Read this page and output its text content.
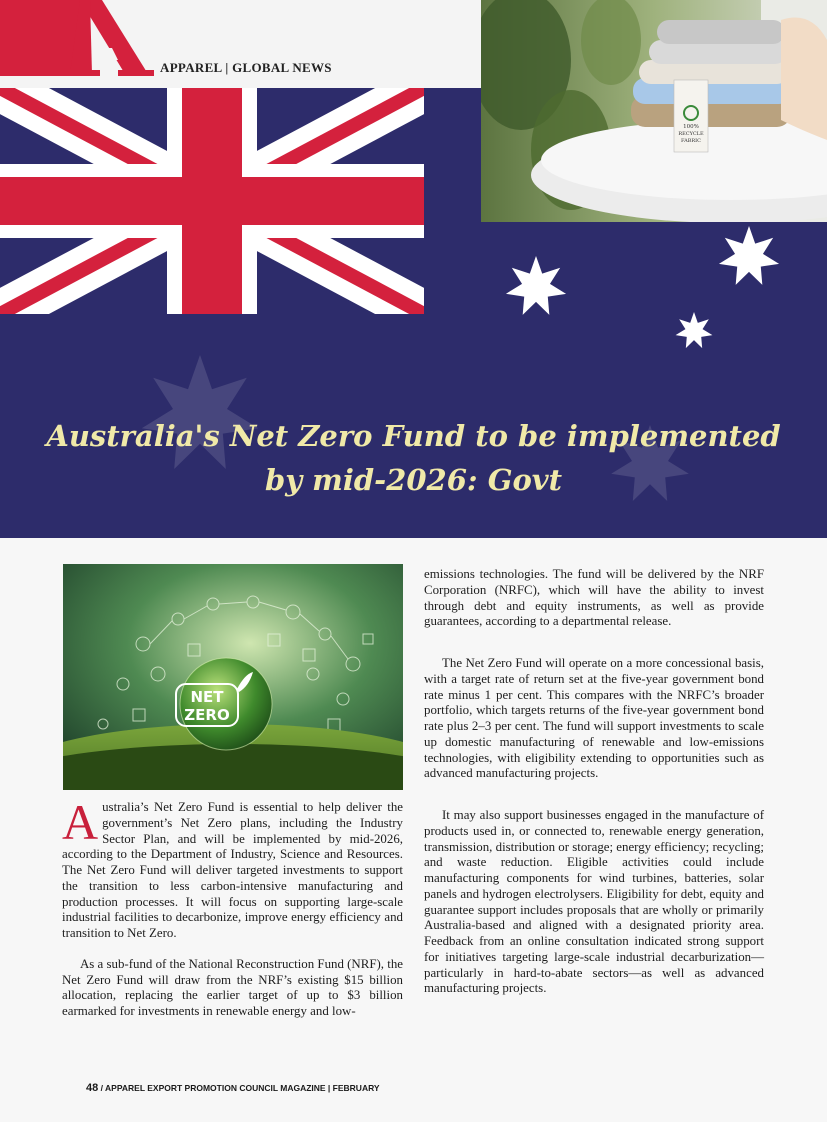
100%
RECYCLE
FABRIC
APPAREL | GLOBAL NEWS
Australia's Net Zero Fund to be implemented
by mid-2026: Govt
NET
ZERO

Australia’s Net Zero Fund is essential to help deliver the government’s Net Zero plans, including the Industry Sector Plan, and will be implemented by mid-2026, according to the Department of Industry, Science and Resources. The Net Zero Fund will deliver targeted investments to support the transition to less carbon-intensive manufacturing and production processes. It will focus on supporting large-scale industrial facilities to decarbonize, improve energy efficiency and transition to Net Zero.

As a sub-fund of the National Reconstruction Fund (NRF), the Net Zero Fund will draw from the NRF’s existing $15 billion allocation, replacing the earlier target of up to $3 billion earmarked for investments in renewable energy and low-

emissions technologies. The fund will be delivered by the NRF Corporation (NRFC), which will have the ability to invest through debt and equity instruments, as well as provide guarantees, according to a departmental release.

The Net Zero Fund will operate on a more concessional basis, with a target rate of return set at the five-year government bond rate minus 1 per cent. This compares with the NRFC’s broader portfolio, which targets returns of the five-year government bond rate plus 2–3 per cent. The fund will support investments to scale up domestic manufacturing of renewable and low-emissions technologies, with eligibility extending to opportunities such as advanced manufacturing projects.

It may also support businesses engaged in the manufacture of products used in, or connected to, renewable energy generation, transmission, distribution or storage; energy efficiency; recycling; and waste reduction. Eligible activities could include manufacturing components for wind turbines, batteries, solar panels and hydrogen electrolysers. Eligibility for debt, equity and guarantee support includes proposals that are wholly or primarily Australia-based and aligned with a designated priority area. Feedback from an online consultation indicated strong support for initiatives targeting large-scale industrial decarburization—particularly in hard-to-abate sectors—as well as advanced manufacturing projects.

48 / APPAREL EXPORT PROMOTION COUNCIL MAGAZINE | FEBRUARY
